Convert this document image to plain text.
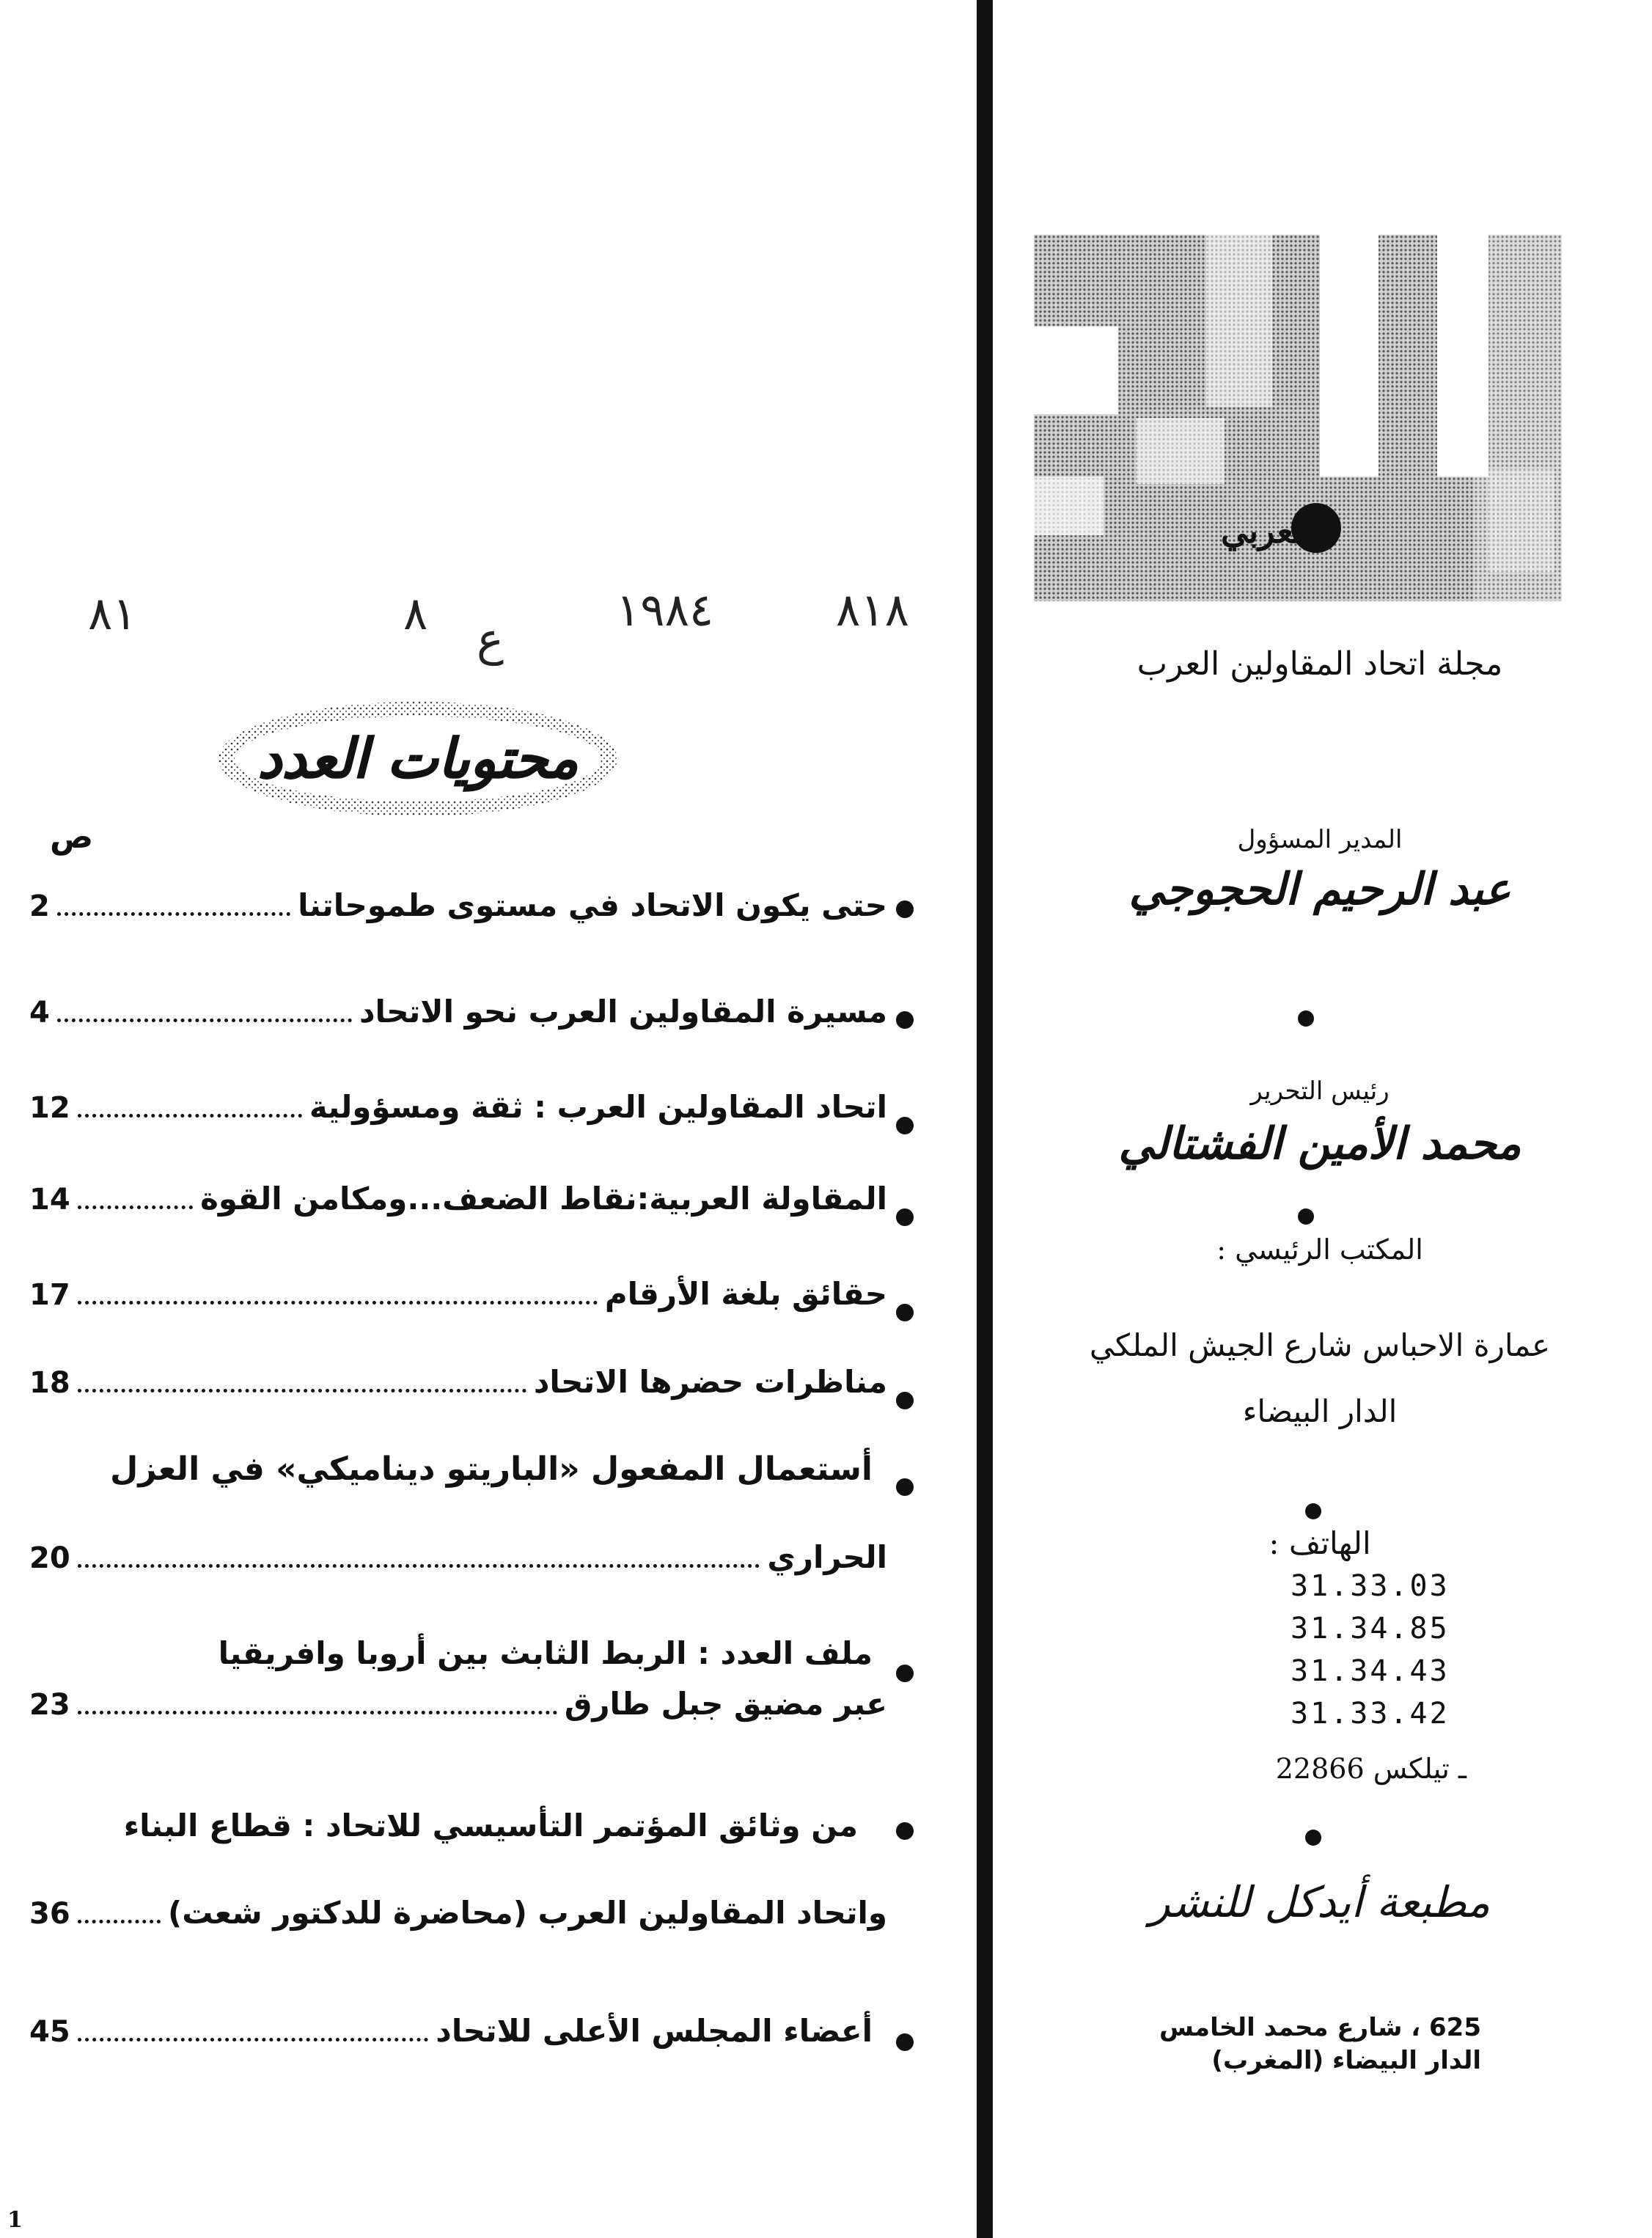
العربي
مجلة اتحاد المقاولين العرب
المدير المسؤول
عبد الرحيم الحجوجي
رئيس التحرير
محمد الأمين الفشتالي
المكتب الرئيسي :
عمارة الاحباس شارع الجيش الملكي
الدار البيضاء
الهاتف :
31.33.03
31.34.85
31.34.43
31.33.42
ـ تيلكس 22866
مطبعة أيدكل للنشر
625 ، شارع محمد الخامس
الدار البيضاء (المغرب)
٨١٨
١٩٨٤
٨ ع
٨١
محتويات العدد
ص
حتى يكون الاتحاد في مستوى طموحاتنا
2
مسيرة المقاولين العرب نحو الاتحاد
4
اتحاد المقاولين العرب : ثقة ومسؤولية
12
المقاولة العربية:نقاط الضعف...ومكامن القوة
14
حقائق بلغة الأرقام
17
مناظرات حضرها الاتحاد
18
أستعمال المفعول «الباريتو ديناميكي» في العزل
الحراري
20
ملف العدد : الربط الثابث بين أروبا وافريقيا
عبر مضيق جبل طارق
23
من وثائق المؤتمر التأسيسي للاتحاد : قطاع البناء
واتحاد المقاولين العرب (محاضرة للدكتور شعت)
36
أعضاء المجلس الأعلى للاتحاد
45
1
